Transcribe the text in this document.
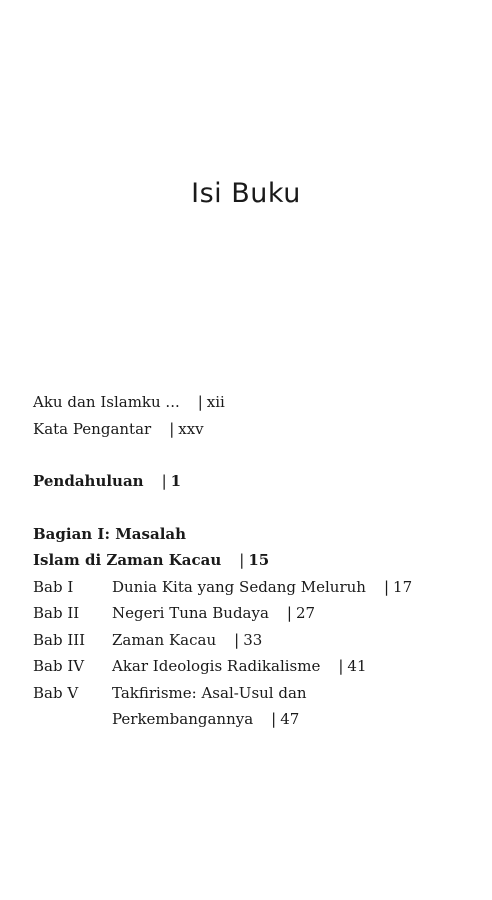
Isi Buku
Aku dan Islamku ... | xii
Kata Pengantar | xxv
Pendahuluan | 1
Bagian I: Masalah
Islam di Zaman Kacau | 15
Bab I	Dunia Kita yang Sedang Meluruh | 17
Bab II	Negeri Tuna Budaya | 27
Bab III	Zaman Kacau | 33
Bab IV	Akar Ideologis Radikalisme | 41
Bab V	Takfirisme: Asal-Usul dan
Perkembangannya | 47
